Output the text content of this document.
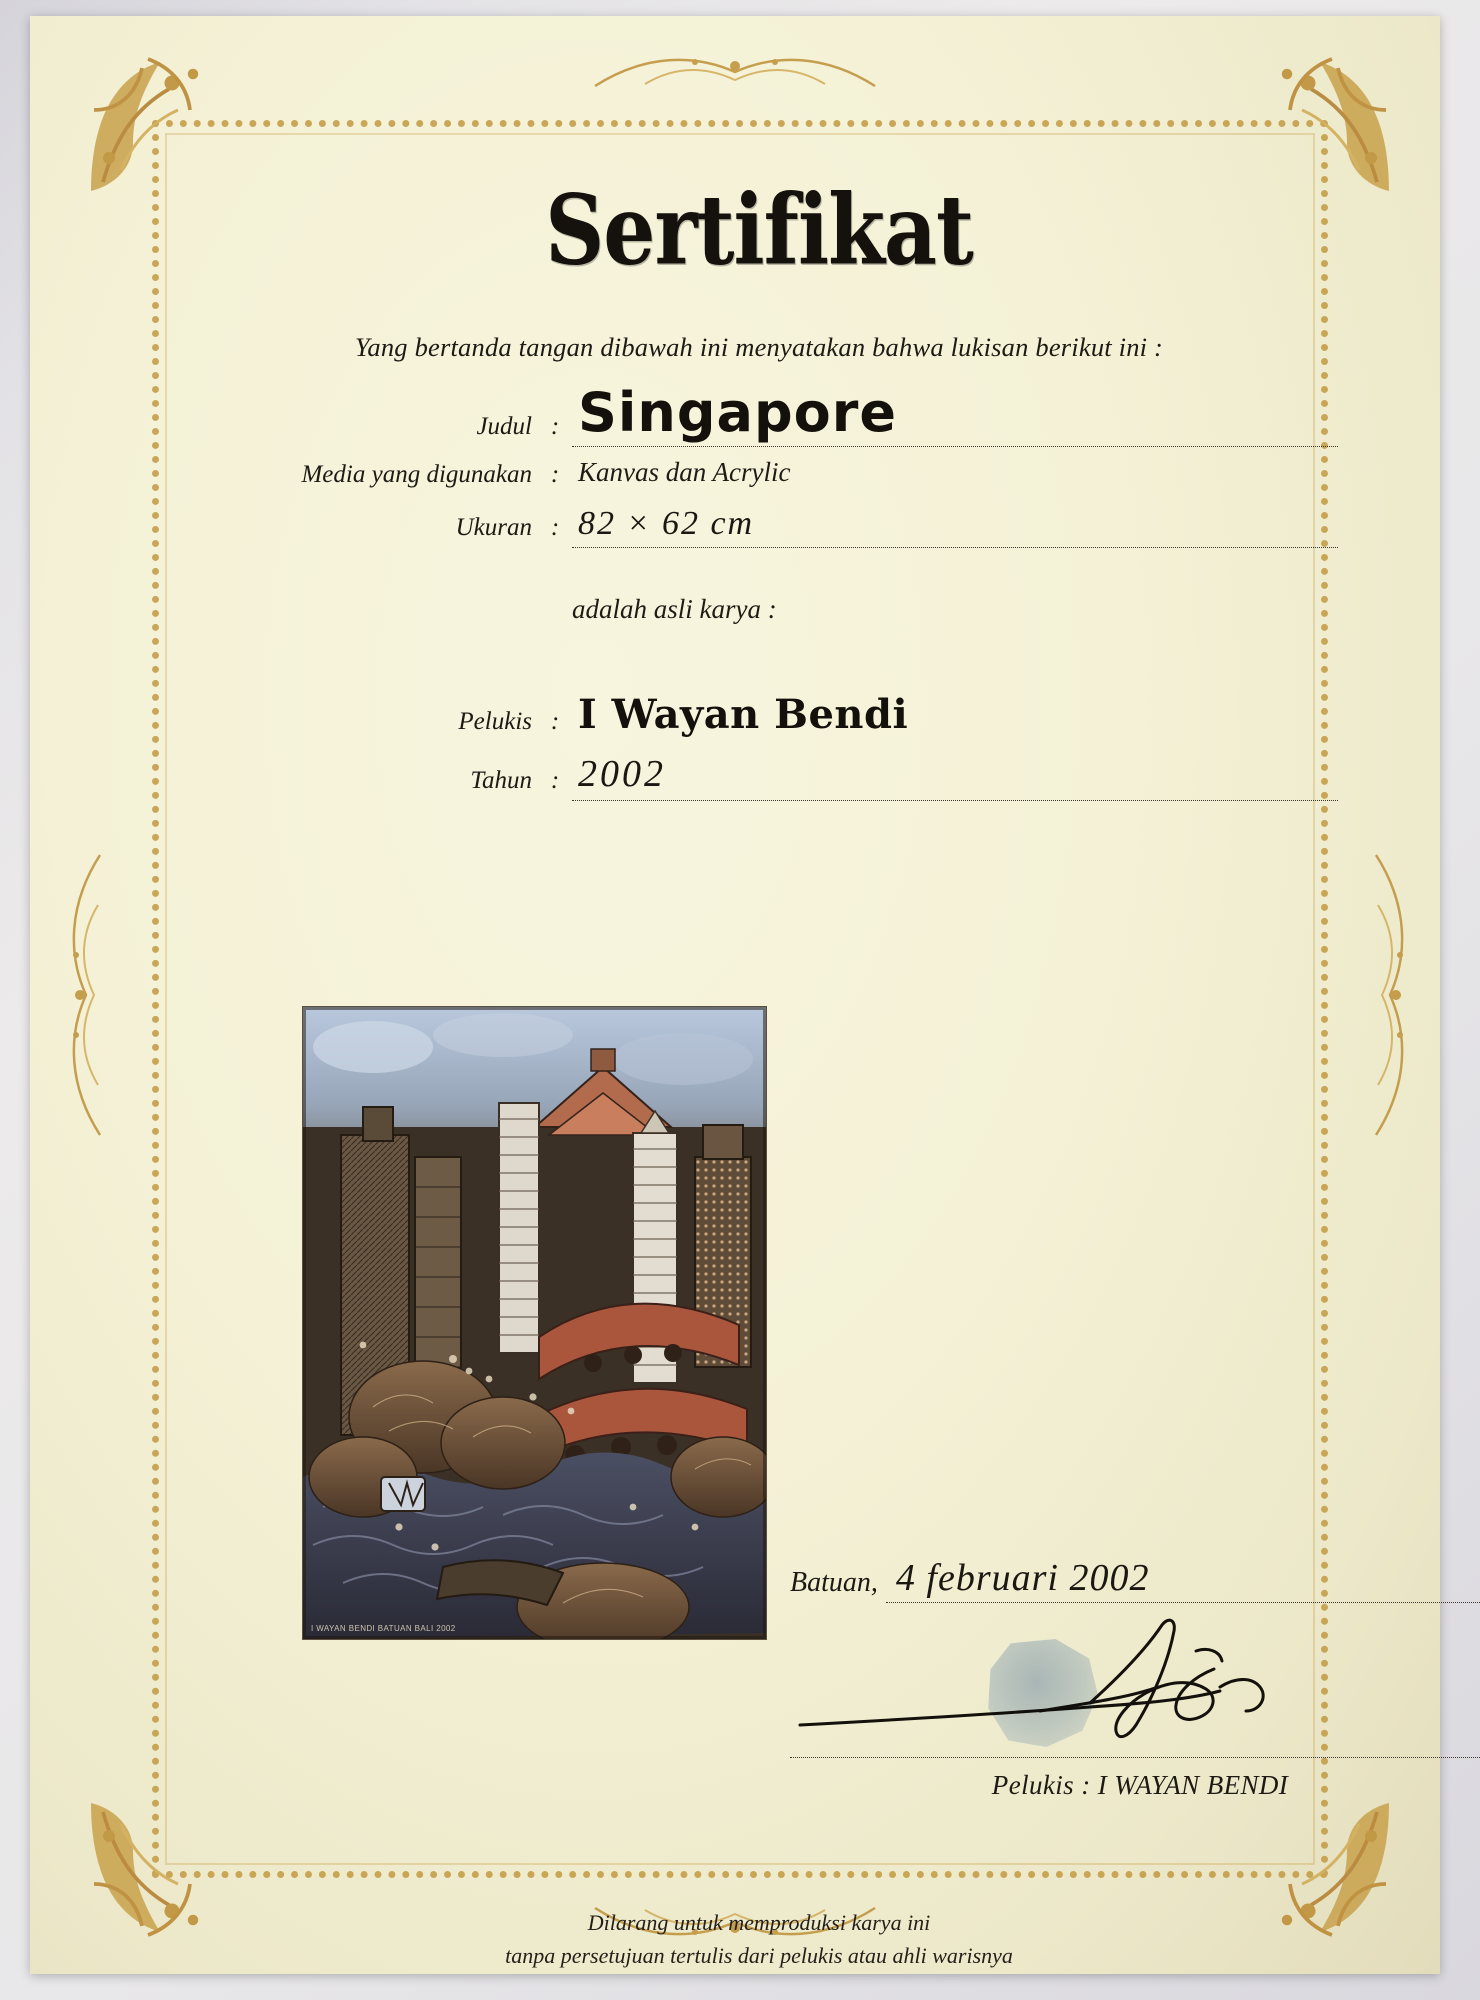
Sertifikat
Yang bertanda tangan dibawah ini menyatakan bahwa lukisan berikut ini :
Judul : Singapore
Media yang digunakan : Kanvas dan Acrylic
Ukuran : 82 × 62 cm
adalah asli karya :
Pelukis : I Wayan Bendi
Tahun : 2002
I WAYAN BENDI BATUAN BALI 2002
Batuan, 4 februari 2002
Pelukis : I WAYAN BENDI
Dilarang untuk memproduksi karya ini
tanpa persetujuan tertulis dari pelukis atau ahli warisnya
